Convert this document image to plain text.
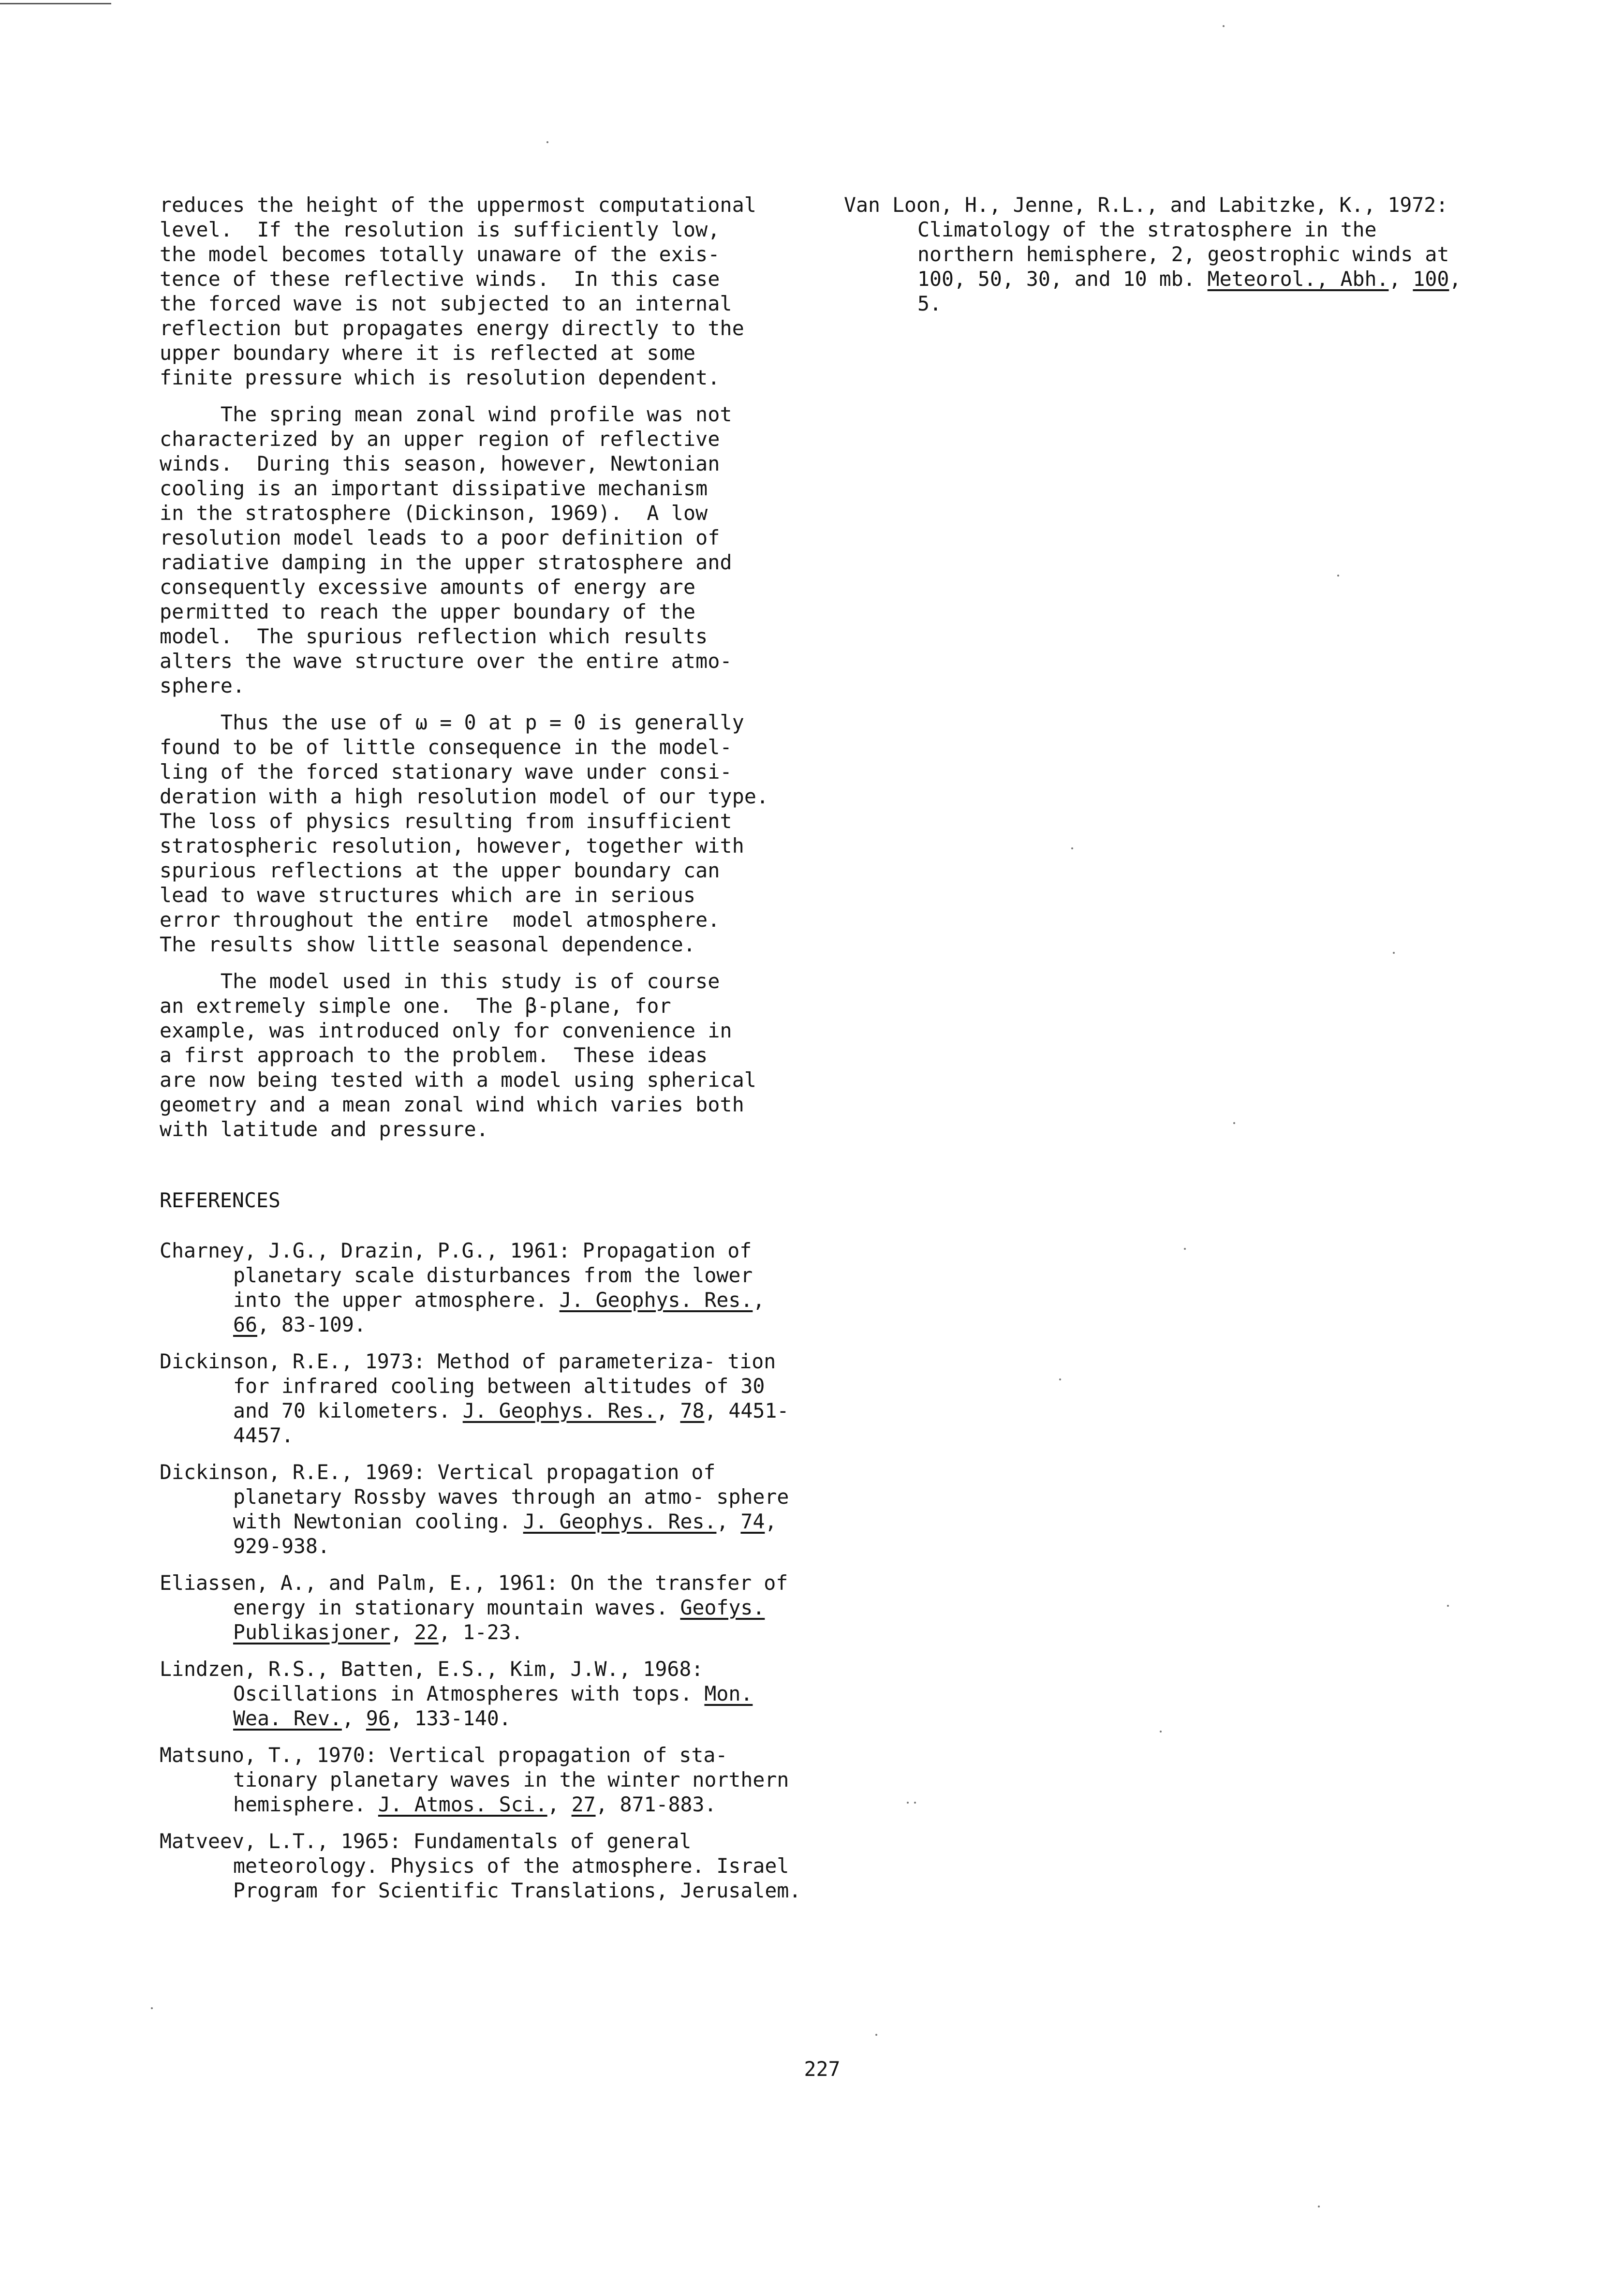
reduces the height of the uppermost computational
level.  If the resolution is sufficiently low,
the model becomes totally unaware of the exis-
tence of these reflective winds.  In this case
the forced wave is not subjected to an internal
reflection but propagates energy directly to the
upper boundary where it is reflected at some
finite pressure which is resolution dependent.

The spring mean zonal wind profile was not
characterized by an upper region of reflective
winds.  During this season, however, Newtonian
cooling is an important dissipative mechanism
in the stratosphere (Dickinson, 1969).  A low
resolution model leads to a poor definition of
radiative damping in the upper stratosphere and
consequently excessive amounts of energy are
permitted to reach the upper boundary of the
model.  The spurious reflection which results
alters the wave structure over the entire atmo-
sphere.

Thus the use of ω = 0 at p = 0 is generally
found to be of little consequence in the model-
ling of the forced stationary wave under consi-
deration with a high resolution model of our type.
The loss of physics resulting from insufficient
stratospheric resolution, however, together with
spurious reflections at the upper boundary can
lead to wave structures which are in serious
error throughout the entire  model atmosphere.
The results show little seasonal dependence.

The model used in this study is of course
an extremely simple one.  The β-plane, for
example, was introduced only for convenience in
a first approach to the problem.  These ideas
are now being tested with a model using spherical
geometry and a mean zonal wind which varies both
with latitude and pressure.

REFERENCES

Charney, J.G., Drazin, P.G., 1961: Propagation of planetary scale disturbances from the lower into the upper atmosphere. J. Geophys. Res., 66, 83-109.

Dickinson, R.E., 1973: Method of parameteriza- tion for infrared cooling between altitudes of 30 and 70 kilometers. J. Geophys. Res., 78, 4451-4457.

Dickinson, R.E., 1969: Vertical propagation of planetary Rossby waves through an atmo- sphere with Newtonian cooling. J. Geophys. Res., 74, 929-938.

Eliassen, A., and Palm, E., 1961: On the transfer of energy in stationary mountain waves. Geofys. Publikasjoner, 22, 1-23.

Lindzen, R.S., Batten, E.S., Kim, J.W., 1968: Oscillations in Atmospheres with tops. Mon. Wea. Rev., 96, 133-140.

Matsuno, T., 1970: Vertical propagation of sta- tionary planetary waves in the winter northern hemisphere. J. Atmos. Sci., 27, 871-883.

Matveev, L.T., 1965: Fundamentals of general meteorology. Physics of the atmosphere. Israel Program for Scientific Translations, Jerusalem.

Van Loon, H., Jenne, R.L., and Labitzke, K., 1972: Climatology of the stratosphere in the northern hemisphere, 2, geostrophic winds at 100, 50, 30, and 10 mb. Meteorol., Abh., 100, 5.

227
